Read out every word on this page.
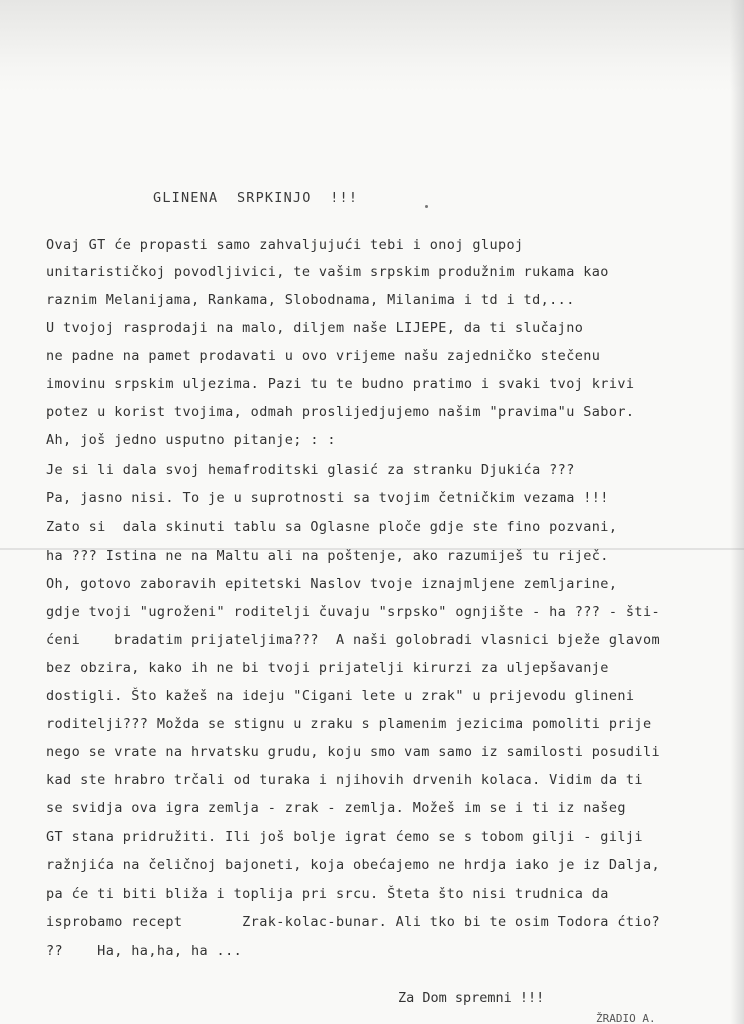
GLINENA  SRPKINJO  !!!
Ovaj GT će propasti samo zahvaljujući tebi i onoj glupoj
unitarističkoj povodljivici, te vašim srpskim produžnim rukama kao
raznim Melanijama, Rankama, Slobodnama, Milanima i td i td,...
U tvojoj rasprodaji na malo, diljem naše LIJEPE, da ti slučajno
ne padne na pamet prodavati u ovo vrijeme našu zajedničko stečenu
imovinu srpskim uljezima. Pazi tu te budno pratimo i svaki tvoj krivi
potez u korist tvojima, odmah proslijedjujemo našim "pravima"u Sabor.
Ah, još jedno usputno pitanje; : :
Je si li dala svoj hemafroditski glasić za stranku Djukića ???
Pa, jasno nisi. To je u suprotnosti sa tvojim četničkim vezama !!!
Zato si  dala skinuti tablu sa Oglasne ploče gdje ste fino pozvani,
ha ??? Istina ne na Maltu ali na poštenje, ako razumiješ tu riječ.
Oh, gotovo zaboravih epitetski Naslov tvoje iznajmljene zemljarine,
gdje tvoji "ugroženi" roditelji čuvaju "srpsko" ognjište - ha ??? - šti-
ćeni    bradatim prijateljima???  A naši golobradi vlasnici bježe glavom
bez obzira, kako ih ne bi tvoji prijatelji kirurzi za uljepšavanje
dostigli. Što kažeš na ideju "Cigani lete u zrak" u prijevodu glineni
roditelji??? Možda se stignu u zraku s plamenim jezicima pomoliti prije
nego se vrate na hrvatsku grudu, koju smo vam samo iz samilosti posudili
kad ste hrabro trčali od turaka i njihovih drvenih kolaca. Vidim da ti
se svidja ova igra zemlja - zrak - zemlja. Možeš im se i ti iz našeg
GT stana pridružiti. Ili još bolje igrat ćemo se s tobom gilji - gilji
ražnjića na čeličnoj bajoneti, koja obećajemo ne hrdja iako je iz Dalja,
pa će ti biti bliža i toplija pri srcu. Šteta što nisi trudnica da
isprobamo recept       Zrak-kolac-bunar. Ali tko bi te osim Todora ćtio?
??    Ha, ha,ha, ha ...
Za Dom spremni !!!
ŽRADIO A.
